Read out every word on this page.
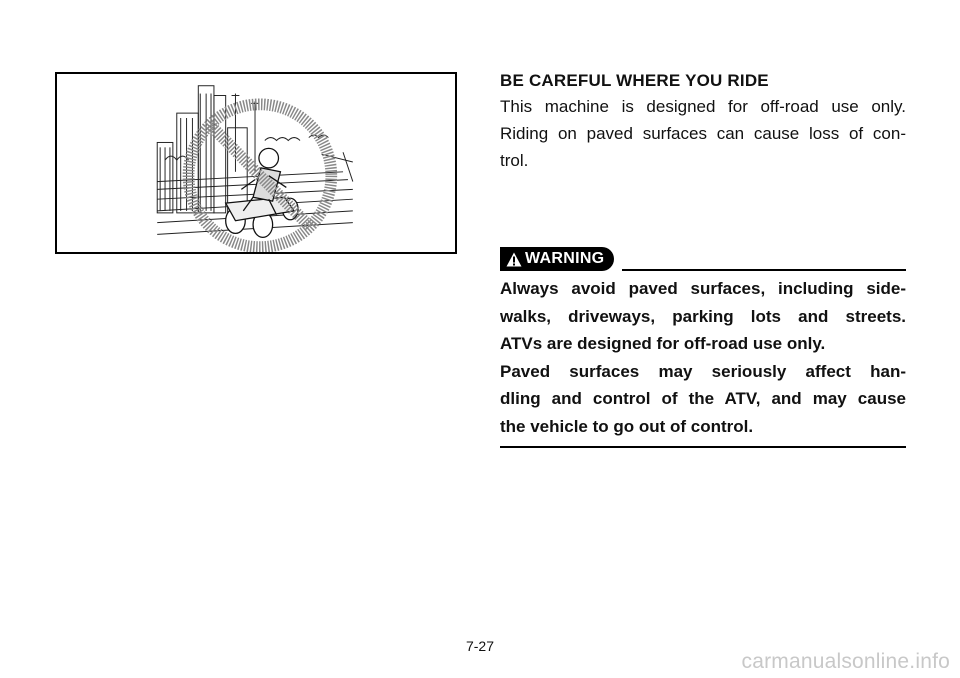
BE CAREFUL WHERE YOU RIDE
This machine is designed for off-road use only.
Riding on paved surfaces can cause loss of con-
trol.
WARNING

Always avoid paved surfaces, including side-

walks, driveways, parking lots and streets.

ATVs are designed for off-road use only.

Paved surfaces may seriously affect han-

dling and control of the ATV, and may cause

the vehicle to go out of control.

7-27
carmanualsonline.info
